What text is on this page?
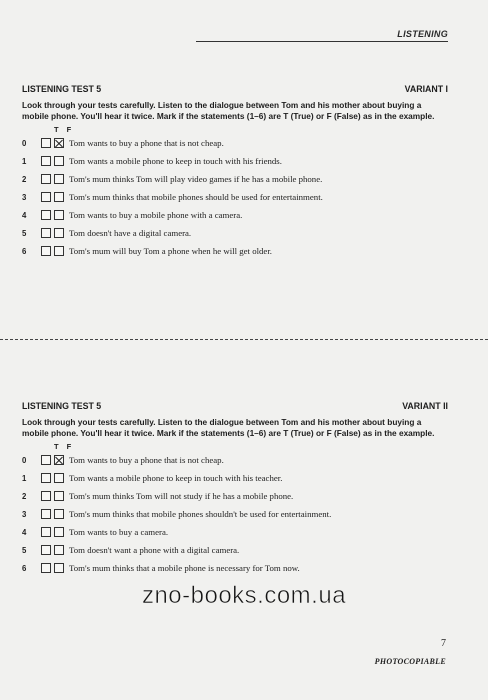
LISTENING
LISTENING TEST 5	VARIANT I
Look through your tests carefully. Listen to the dialogue between Tom and his mother about buying a mobile phone. You'll hear it twice. Mark if the statements (1–6) are T (True) or F (False) as in the example.
T F
0	Tom wants to buy a phone that is not cheap.
1	Tom wants a mobile phone to keep in touch with his friends.
2	Tom's mum thinks Tom will play video games if he has a mobile phone.
3	Tom's mum thinks that mobile phones should be used for entertainment.
4	Tom wants to buy a mobile phone with a camera.
5	Tom doesn't have a digital camera.
6	Tom's mum will buy Tom a phone when he will get older.
LISTENING TEST 5	VARIANT II
Look through your tests carefully. Listen to the dialogue between Tom and his mother about buying a mobile phone. You'll hear it twice. Mark if the statements (1–6) are T (True) or F (False) as in the example.
T F
0	Tom wants to buy a phone that is not cheap.
1	Tom wants a mobile phone to keep in touch with his teacher.
2	Tom's mum thinks Tom will not study if he has a mobile phone.
3	Tom's mum thinks that mobile phones shouldn't be used for entertainment.
4	Tom wants to buy a camera.
5	Tom doesn't want a phone with a digital camera.
6	Tom's mum thinks that a mobile phone is necessary for Tom now.
zno-books.com.ua
7
PHOTOCOPIABLE
